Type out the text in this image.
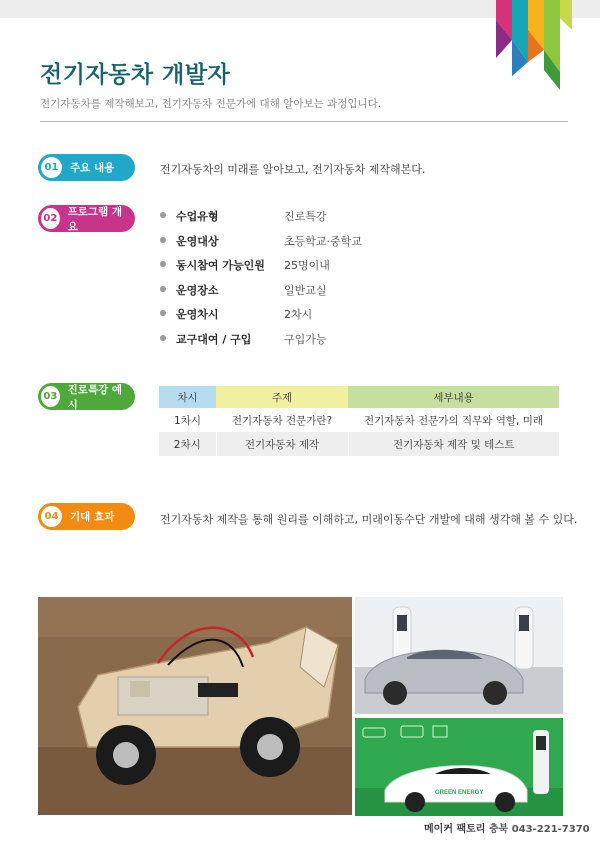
전기자동차 개발자

전기자동차를 제작해보고, 전기자동차 전문가에 대해 알아보는 과정입니다.

01	주요 내용	전기자동차의 미래를 알아보고, 전기자동차 제작해본다.

02
프로그램 개요
수업유형	진로특강
운영대상	초등학교·중학교
동시참여 가능인원 25명이내
운영장소	일반교실
운영차시	2차시
교구대여 / 구입	구입가능
03
진로특강 예시
차시	주제	세부내용
1차시	전기자동차 전문가란?	전기자동차 전문가의 직무와 역할, 미래
2차시	전기자동차 제작	전기자동차 제작 및 테스트
04	기대 효과	전기자동차 제작을 통해 원리를 이해하고, 미래이동수단 개발에 대해 생각해 볼 수 있다.

GREEN ENERGY
메이커 팩토리 충북 043-221-7370
